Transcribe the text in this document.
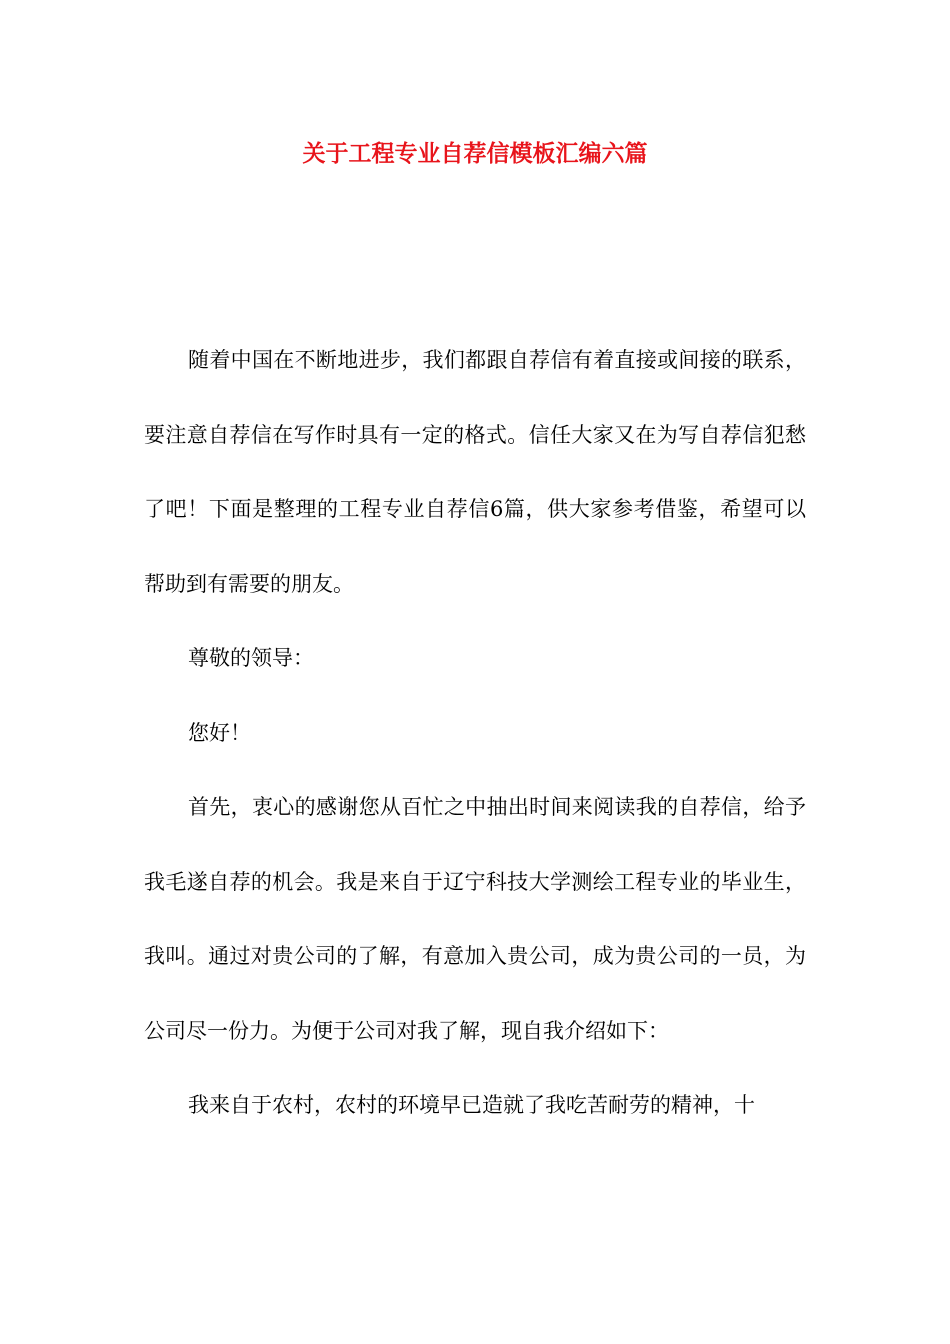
关于工程专业自荐信模板汇编六篇

随着中国在不断地进步，我们都跟自荐信有着直接或间接的联系，要注意自荐信在写作时具有一定的格式。信任大家又在为写自荐信犯愁了吧！下面是整理的工程专业自荐信6篇，供大家参考借鉴，希望可以帮助到有需要的朋友。

尊敬的领导：

您好！

首先，衷心的感谢您从百忙之中抽出时间来阅读我的自荐信，给予我毛遂自荐的机会。我是来自于辽宁科技大学测绘工程专业的毕业生，我叫。通过对贵公司的了解，有意加入贵公司，成为贵公司的一员，为公司尽一份力。为便于公司对我了解，现自我介绍如下：

我来自于农村，农村的环境早已造就了我吃苦耐劳的精神，十
